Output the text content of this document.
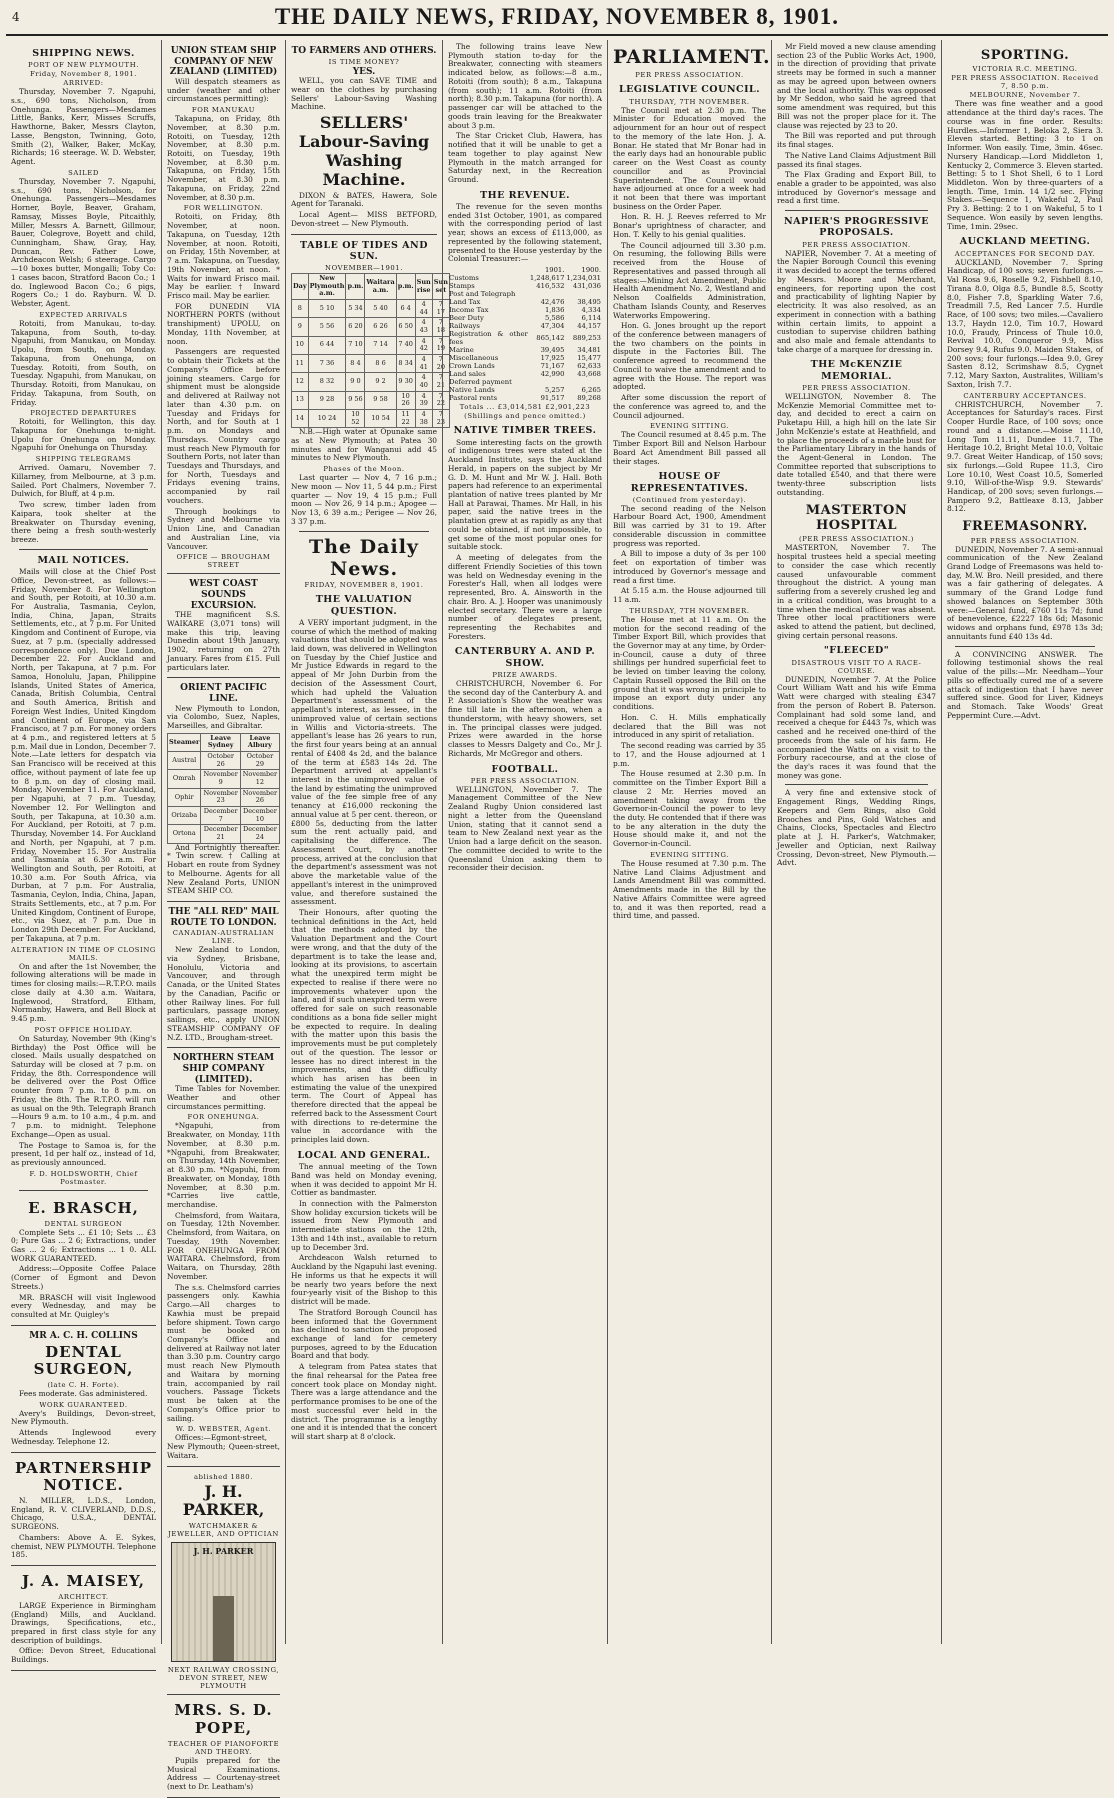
4	THE DAILY NEWS, FRIDAY, NOVEMBER 8, 1901.
SHIPPING NEWS.
PORT OF NEW PLYMOUTH.
Friday, November 8, 1901.
ARRIVED:

Thursday, November 7. Ngapuhi, s.s., 690 tons, Nicholson, from Onehunga. Passengers—Mesdames Little, Banks, Kerr, Misses Scruffs, Hawthorne, Baker, Messrs Clayton, Lasse, Bengston, Twinning, Goto, Smith (2), Walker, Baker, McKay, Richards; 16 steerage. W. D. Webster, Agent.

SAILED

Thursday, November 7. Ngapuhi, s.s., 690 tons, Nicholson, for Onehunga. Passengers—Mesdames Horner, Boyle, Beaver, Graham, Ramsay, Misses Boyle, Pitcaithly, Miller, Messrs A. Barnett, Gillmour, Bauer, Colegrove, Boyett and child, Cunningham, Shaw, Gray, Hay, Duncan, Rev. Father Lowe, Archdeacon Welsh; 6 steerage. Cargo—10 boxes butter, Mongalli; Toby Co: 1 cases bacon, Stratford Bacon Co.; 1 do. Inglewood Bacon Co.; 6 pigs, Rogers Co.; 1 do. Rayburn. W. D. Webster, Agent.

EXPECTED ARRIVALS

Rotoiti, from Manukau, to-day. Takapuna, from South, to-day. Ngapuhi, from Manukau, on Monday. Upolu, from South, on Monday. Takapuna, from Onehunga, on Tuesday. Rotoiti, from South, on Tuesday. Ngapuhi, from Manukau, on Thursday. Rotoiti, from Manukau, on Friday. Takapuna, from South, on Friday.

PROJECTED DEPARTURES

Rotoiti, for Wellington, this day. Takapuna for Onehunga to-night. Upolu for Onehunga on Monday. Ngapuhi for Onehunga on Thursday.

SHIPPING TELEGRAMS

Arrived. Oamaru, November 7. Killarney, from Melbourne, at 3 p.m. Sailed. Port Chalmers, November 7. Dulwich, for Bluff, at 4 p.m.

Two screw, timber laden from Kaipara, took shelter at the Breakwater on Thursday evening, there being a fresh south-westerly breeze.

MAIL NOTICES.

Mails will close at the Chief Post Office, Devon-street, as follows:— Friday, November 8. For Wellington and South, per Rotoiti, at 10.30 a.m. For Australia, Tasmania, Ceylon, India, China, Japan, Straits Settlements, etc., at 7 p.m. For United Kingdom and Continent of Europe, via Suez, at 7 p.m. (specially addressed correspondence only). Due London, December 22. For Auckland and North, per Takapuna, at 7 p.m. For Samoa, Honolulu, Japan, Philippine Islands, United States of America, Canada, British Columbia, Central and South America, British and Foreign West Indies, United Kingdom and Continent of Europe, via San Francisco, at 7 p.m. For money orders at 4 p.m., and registered letters at 5 p.m. Mail due in London, December 7. Note.—Late letters for despatch via San Francisco will be received at this office, without payment of late fee up to 8 p.m. on day of closing mail. Monday, November 11. For Auckland, per Ngapuhi, at 7 p.m. Tuesday, November 12. For Wellington and South, per Takapuna, at 10.30 a.m. For Auckland, per Rotoiti, at 7 p.m. Thursday, November 14. For Auckland and North, per Ngapuhi, at 7 p.m. Friday, November 15. For Australia and Tasmania at 6.30 a.m. For Wellington and South, per Rotoiti, at 10.30 a.m. For South Africa, via Durban, at 7 p.m. For Australia, Tasmania, Ceylon, India, China, Japan, Straits Settlements, etc., at 7 p.m. For United Kingdom, Continent of Europe, etc., via Suez, at 7 p.m. Due in London 29th December. For Auckland, per Takapuna, at 7 p.m.

ALTERATION IN TIME OF CLOSING MAILS.

On and after the 1st November, the following alterations will be made in times for closing mails:—R.T.P.O. mails close daily at 4.30 a.m. Waitara, Inglewood, Stratford, Eltham, Normanby, Hawera, and Bell Block at 9.45 p.m.

POST OFFICE HOLIDAY.

On Saturday, November 9th (King's Birthday) the Post Office will be closed. Mails usually despatched on Saturday will be closed at 7 p.m. on Friday, the 8th. Correspondence will be delivered over the Post Office counter from 7 p.m. to 8 p.m. on Friday, the 8th. The R.T.P.O. will run as usual on the 9th. Telegraph Branch—Hours 9 a.m. to 10 a.m., 4 p.m. and 7 p.m. to midnight. Telephone Exchange—Open as usual.

The Postage to Samoa is, for the present, 1d per half oz., instead of 1d, as previously announced.

F. D. HOLDSWORTH, Chief Postmaster.
E. BRASCH,
DENTAL SURGEON

Complete Sets ... £1 10; Sets ... £3 0; Pure Gas ... 2 6; Extractions, under Gas ... 2 6; Extractions ... 1 0. ALL WORK GUARANTEED.

Address:—Opposite Coffee Palace (Corner of Egmont and Devon Streets.)

MR. BRASCH will visit Inglewood every Wednesday, and may be consulted at Mr. Quigley's

MR A. C. H. COLLINS
DENTAL SURGEON,
(late C. H. Forte).

Fees moderate. Gas administered.

WORK GUARANTEED.

Avery's Buildings, Devon-street, New Plymouth.

Attends Inglewood every Wednesday. Telephone 12.

PARTNERSHIP NOTICE.

N. MILLER, L.D.S., London, England, R. V. CLIVERLAND, D.D.S., Chicago, U.S.A., DENTAL SURGEONS.

Chambers: Above A. E. Sykes, chemist, NEW PLYMOUTH. Telephone 185.

J. A. MAISEY,
ARCHITECT.

LARGE Experience in Birmingham (England) Mills, and Auckland. Drawings, Specifications, etc., prepared in first class style for any description of buildings.

Office: Devon Street, Educational Buildings.

UNION STEAM SHIP COMPANY OF NEW ZEALAND (LIMITED)

Will despatch steamers as under (weather and other circumstances permitting):

FOR MANUKAU

Takapuna, on Friday, 8th November, at 8.30 p.m. Rotoiti, on Tuesday, 12th November, at 8.30 p.m. Rotoiti, on Tuesday, 19th November, at 8.30 p.m. Takapuna, on Friday, 15th November, at 8.30 p.m. Takapuna, on Friday, 22nd November, at 8.30 p.m.

FOR WELLINGTON.

Rotoiti, on Friday, 8th November, at noon. Takapuna, on Tuesday, 12th November, at noon. Rotoiti, on Friday, 15th November, at 7 a.m. Takapuna, on Tuesday, 19th November, at noon. * Waits for inward Frisco mail. May be earlier. † Inward Frisco mail. May be earlier.

FOR DUNEDIN VIA NORTHERN PORTS (without transhipment) UPOLU, on Monday, 11th November, at noon.

Passengers are requested to obtain their Tickets at the Company's Office before joining steamers. Cargo for shipment must be alongside and delivered at Railway not later than 4.30 p.m. on Tuesday and Fridays for North, and for South at 1 p.m. on Mondays and Thursdays. Country cargo must reach New Plymouth for Southern Ports, not later than Tuesdays and Thursdays, and for North, Tuesdays and Fridays evening trains, accompanied by rail vouchers.

Through bookings to Sydney and Melbourne via Union Line, and Canadian and Australian Line, via Vancouver.

OFFICE — BROUGHAM STREET
WEST COAST SOUNDS EXCURSION.

THE magnificent S.S. WAIKARE (3,071 tons) will make this trip, leaving Dunedin about 19th January, 1902, returning on 27th January. Fares from £15. Full particulars later.

ORIENT PACIFIC LINE.

New Plymouth to London, via Colombo, Suez, Naples, Marseilles, and Gibraltar.

Steamer	Leave Sydney	Leave Albury
Austral	October 26	October 29
Omrah	November 9	November 12
Ophir	November 23	November 26
Orizaba	December 7	December 10
Ortona	December 21	December 24

And Fortnightly thereafter. * Twin screw. † Calling at Hobart en route from Sydney to Melbourne. Agents for all New Zealand Ports, UNION STEAM SHIP CO.

THE "ALL RED" MAIL ROUTE TO LONDON.
CANADIAN-AUSTRALIAN LINE.

New Zealand to London, via Sydney, Brisbane, Honolulu, Victoria and Vancouver, and through Canada, or the United States by the Canadian, Pacific or other Railway lines. For full particulars, passage money, sailings, etc., apply UNION STEAMSHIP COMPANY OF N.Z. LTD., Brougham-street.

NORTHERN STEAM SHIP COMPANY (LIMITED).

Time Tables for November. Weather and other circumstances permitting.

FOR ONEHUNGA.

*Ngapuhi, from Breakwater, on Monday, 11th November, at 8.30 p.m. *Ngapuhi, from Breakwater, on Thursday, 14th November, at 8.30 p.m. *Ngapuhi, from Breakwater, on Monday, 18th November, at 8.30 p.m. *Carries live cattle, merchandise.

Chelmsford, from Waitara, on Tuesday, 12th November. Chelmsford, from Waitara, on Tuesday, 19th November. FOR ONEHUNGA FROM WAITARA. Chelmsford, from Waitara, on Thursday, 28th November.

The s.s. Chelmsford carries passengers only. Kawhia Cargo.—All charges to Kawhia must be prepaid before shipment. Town cargo must be booked on Company's Office and delivered at Railway not later than 3.30 p.m. Country cargo must reach New Plymouth and Waitara by morning train, accompanied by rail vouchers. Passage Tickets must be taken at the Company's Office prior to sailing.

W. D. WEBSTER, Agent.

Offices:—Egmont-street, New Plymouth; Queen-street, Waitara.

ablished 1880.
J. H. PARKER,
WATCHMAKER & JEWELLER, AND OPTICIAN
J. H. PARKER
NEXT RAILWAY CROSSING, DEVON STREET, NEW PLYMOUTH
MRS. S. D. POPE,
TEACHER OF PIANOFORTE AND THEORY.

Pupils prepared for the Musical Examinations. Address — Courtenay-street (next to Dr. Leatham's)

TO FARMERS AND OTHERS.
IS TIME MONEY?
YES.

WELL, you can SAVE TIME and wear on the clothes by purchasing Sellers' Labour-Saving Washing Machine.

SELLERS' Labour-Saving Washing Machine.

DIXON & BATES, Hawera, Sole Agent for Taranaki.

Local Agent— MISS BETFORD, Devon-street — New Plymouth.

TABLE OF TIDES AND SUN.
NOVEMBER—1901.
Day	New Plymouth a.m.	p.m.	Waitara a.m.	p.m.	Sun rise	Sun set
8	5 10	5 34	5 40	6 4	4 44	7 17
9	5 56	6 20	6 26	6 50	4 43	7 18
10	6 44	7 10	7 14	7 40	4 42	7 19
11	7 36	8 4	8 6	8 34	4 41	7 20
12	8 32	9 0	9 2	9 30	4 40	7 21
13	9 28	9 56	9 58	10 26	4 39	7 22
14	10 24	10 52	10 54	11 22	4 38	7 23

N.B.—High water at Opunake same as at New Plymouth; at Patea 30 minutes and for Wanganui add 45 minutes to New Plymouth.

Phases of the Moon.

Last quarter — Nov 4, 7 16 p.m.; New moon — Nov 11, 5 44 p.m.; First quarter — Nov 19, 4 15 p.m.; Full moon — Nov 26, 9 14 p.m.; Apogee — Nov 13, 6 39 a.m.; Perigee — Nov 26, 3 37 p.m.

The Daily News.
FRIDAY, NOVEMBER 8, 1901.
THE VALUATION QUESTION.

A VERY important judgment, in the course of which the method of making valuations that should be adopted was laid down, was delivered in Wellington on Tuesday by the Chief Justice and Mr Justice Edwards in regard to the appeal of Mr John Durbin from the decision of the Assessment Court, which had upheld the Valuation Department's assessment of the appellant's interest, as lessee, in the unimproved value of certain sections in Willis and Victoria-streets. The appellant's lease has 26 years to run, the first four years being at an annual rental of £408 4s 2d, and the balance of the term at £583 14s 2d. The Department arrived at appellant's interest in the unimproved value of the land by estimating the unimproved value of the fee simple free of any tenancy at £16,000 reckoning the annual value at 5 per cent. thereon, or £800 5s, deducting from the latter sum the rent actually paid, and capitalising the difference. The Assessment Court, by another process, arrived at the conclusion that the department's assessment was not above the marketable value of the appellant's interest in the unimproved value, and therefore sustained the assessment.

Their Honours, after quoting the technical definitions in the Act, held that the methods adopted by the Valuation Department and the Court were wrong, and that the duty of the department is to take the lease and, looking at its provisions, to ascertain what the unexpired term might be expected to realise if there were no improvements whatever upon the land, and if such unexpired term were offered for sale on such reasonable conditions as a bona fide seller might be expected to require. In dealing with the matter upon this basis the improvements must be put completely out of the question. The lessor or lessee has no direct interest in the improvements, and the difficulty which has arisen has been in estimating the value of the unexpired term. The Court of Appeal has therefore directed that the appeal be referred back to the Assessment Court with directions to re-determine the value in accordance with the principles laid down.

LOCAL AND GENERAL.

The annual meeting of the Town Band was held on Monday evening, when it was decided to appoint Mr H. Cottier as bandmaster.

In connection with the Palmerston Show holiday excursion tickets will be issued from New Plymouth and intermediate stations on the 12th, 13th and 14th inst., available to return up to December 3rd.

Archdeacon Walsh returned to Auckland by the Ngapuhi last evening. He informs us that he expects it will be nearly two years before the next four-yearly visit of the Bishop to this district will be made.

The Stratford Borough Council has been informed that the Government has declined to sanction the proposed exchange of land for cemetery purposes, agreed to by the Education Board and that body.

A telegram from Patea states that the final rehearsal for the Patea free concert took place on Monday night. There was a large attendance and the performance promises to be one of the most successful ever held in the district. The programme is a lengthy one and it is intended that the concert will start sharp at 8 o'clock.

The following trains leave New Plymouth station to-day for the Breakwater, connecting with steamers indicated below, as follows:—8 a.m., Rotoiti (from south); 8 a.m., Takapuna (from south); 11 a.m. Rotoiti (from north); 8.30 p.m. Takapuna (for north). A passenger car will be attached to the goods train leaving for the Breakwater about 3 p.m.

The Star Cricket Club, Hawera, has notified that it will be unable to get a team together to play against New Plymouth in the match arranged for Saturday next, in the Recreation Ground.

THE REVENUE.

The revenue for the seven months ended 31st October, 1901, as compared with the corresponding period of last year, shows an excess of £113,000, as represented by the following statement, presented to the House yesterday by the Colonial Treasurer:—

	1901.	1900.
Customs	1,248,617	1,234,031
Stamps	416,532	431,036
Post and Telegraph		
Land Tax	42,476	38,495
Income Tax	1,836	4,334
Beer Duty	5,586	6,114
Railways	47,304	44,157
Registration & other fees	865,142	889,253
Marine	39,495	34,481
Miscellaneous	17,925	15,477
Crown Lands	71,167	62,633
Land sales	42,990	43,668
Deferred payment		
Native Lands	5,257	6,265
Pastoral rents	91,517	89,268
Totals ... £3,014,581 £2,901,223
(Shillings and pence omitted.)
NATIVE TIMBER TREES.

Some interesting facts on the growth of indigenous trees were stated at the Auckland Institute, says the Auckland Herald, in papers on the subject by Mr G. D. M. Hunt and Mr W. J. Hall. Both papers had reference to an experimental plantation of native trees planted by Mr Hall at Parawai, Thames. Mr Hall, in his paper, said the native trees in the plantation grew at as rapidly as any that could be obtained, if not impossible, to get some of the most popular ones for suitable stock.

A meeting of delegates from the different Friendly Societies of this town was held on Wednesday evening in the Forester's Hall, when all lodges were represented, Bro. A. Ainsworth in the chair. Bro. A. J. Hooper was unanimously elected secretary. There were a large number of delegates present, representing the Rechabites and Foresters.

CANTERBURY A. AND P. SHOW.
PRIZE AWARDS.

CHRISTCHURCH, November 6. For the second day of the Canterbury A. and P. Association's Show the weather was fine till late in the afternoon, when a thunderstorm, with heavy showers, set in. The principal classes were judged. Prizes were awarded in the horse classes to Messrs Dalgety and Co., Mr J. Richards, Mr McGregor and others.

FOOTBALL.
PER PRESS ASSOCIATION.

WELLINGTON, November 7. The Management Committee of the New Zealand Rugby Union considered last night a letter from the Queensland Union, stating that it cannot send a team to New Zealand next year as the Union had a large deficit on the season. The committee decided to write to the Queensland Union asking them to reconsider their decision.

PARLIAMENT.
PER PRESS ASSOCIATION.
LEGISLATIVE COUNCIL.
THURSDAY, 7TH NOVEMBER.

The Council met at 2.30 p.m. The Minister for Education moved the adjournment for an hour out of respect to the memory of the late Hon. J. A. Bonar. He stated that Mr Bonar had in the early days had an honourable public career on the West Coast as county councillor and as Provincial Superintendent. The Council would have adjourned at once for a week had it not been that there was important business on the Order Paper.

Hon. R. H. J. Reeves referred to Mr Bonar's uprightness of character, and Hon. T. Kelly to his genial qualities.

The Council adjourned till 3.30 p.m. On resuming, the following Bills were received from the House of Representatives and passed through all stages:—Mining Act Amendment, Public Health Amendment No. 2, Westland and Nelson Coalfields Administration, Chatham Islands County, and Reserves Waterworks Empowering.

Hon. G. Jones brought up the report of the conference between managers of the two chambers on the points in dispute in the Factories Bill. The conference agreed to recommend the Council to waive the amendment and to agree with the House. The report was adopted.

After some discussion the report of the conference was agreed to, and the Council adjourned.

EVENING SITTING.

The Council resumed at 8.45 p.m. The Timber Export Bill and Nelson Harbour Board Act Amendment Bill passed all their stages.

HOUSE OF REPRESENTATIVES.
(Continued from yesterday).

The second reading of the Nelson Harbour Board Act, 1900, Amendment Bill was carried by 31 to 19. After considerable discussion in committee progress was reported.

A Bill to impose a duty of 3s per 100 feet on exportation of timber was introduced by Governor's message and read a first time.

At 5.15 a.m. the House adjourned till 11 a.m.

THURSDAY, 7TH NOVEMBER.

The House met at 11 a.m. On the motion for the second reading of the Timber Export Bill, which provides that the Governor may at any time, by Order-in-Council, cause a duty of three shillings per hundred superficial feet to be levied on timber leaving the colony, Captain Russell opposed the Bill on the ground that it was wrong in principle to impose an export duty under any conditions.

Hon. C. H. Mills emphatically declared that the Bill was not introduced in any spirit of retaliation.

The second reading was carried by 35 to 17, and the House adjourned at 1 p.m.

The House resumed at 2.30 p.m. In committee on the Timber Export Bill a clause 2 Mr. Herries moved an amendment taking away from the Governor-in-Council the power to levy the duty. He contended that if there was to be any alteration in the duty the House should make it, and not the Governor-in-Council.

EVENING SITTING.

The House resumed at 7.30 p.m. The Native Land Claims Adjustment and Lands Amendment Bill was committed. Amendments made in the Bill by the Native Affairs Committee were agreed to, and it was then reported, read a third time, and passed.

Mr Field moved a new clause amending section 23 of the Public Works Act, 1900, in the direction of providing that private streets may be formed in such a manner as may be agreed upon between owners and the local authority. This was opposed by Mr Seddon, who said he agreed that some amendment was required, but this Bill was not the proper place for it. The clause was rejected by 23 to 20.

The Bill was reported and put through its final stages.

The Native Land Claims Adjustment Bill passed its final stages.

The Flax Grading and Export Bill, to enable a grader to be appointed, was also introduced by Governor's message and read a first time.

NAPIER'S PROGRESSIVE PROPOSALS.
PER PRESS ASSOCIATION.

NAPIER, November 7. At a meeting of the Napier Borough Council this evening it was decided to accept the terms offered by Messrs. Moore and Merchant, engineers, for reporting upon the cost and practicability of lighting Napier by electricity. It was also resolved, as an experiment in connection with a bathing within certain limits, to appoint a custodian to supervise children bathing and also male and female attendants to take charge of a marquee for dressing in.

THE McKENZIE MEMORIAL.
PER PRESS ASSOCIATION.

WELLINGTON, November 8. The McKenzie Memorial Committee met to-day, and decided to erect a cairn on Puketapu Hill, a high hill on the late Sir John McKenzie's estate at Heathfield, and to place the proceeds of a marble bust for the Parliamentary Library in the hands of the Agent-General in London. The Committee reported that subscriptions to date totalled £540, and that there were twenty-three subscription lists outstanding.

MASTERTON HOSPITAL
(PER PRESS ASSOCIATION.)

MASTERTON, November 7. The hospital trustees held a special meeting to consider the case which recently caused unfavourable comment throughout the district. A young man suffering from a severely crushed leg and in a critical condition, was brought to a time when the medical officer was absent. Three other local practitioners were asked to attend the patient, but declined, giving certain personal reasons.

"FLEECED"
DISASTROUS VISIT TO A RACE-COURSE.

DUNEDIN, November 7. At the Police Court William Watt and his wife Emma Watt were charged with stealing £347 from the person of Robert B. Paterson. Complainant had sold some land, and received a cheque for £443 7s, which was cashed and he received one-third of the proceeds from the sale of his farm. He accompanied the Watts on a visit to the Forbury racecourse, and at the close of the day's races it was found that the money was gone.

A very fine and extensive stock of Engagement Rings, Wedding Rings, Keepers and Gem Rings, also Gold Brooches and Pins, Gold Watches and Chains, Clocks, Spectacles and Electro plate at J. H. Parker's, Watchmaker, Jeweller and Optician, next Railway Crossing, Devon-street, New Plymouth.—Advt.

SPORTING.
VICTORIA R.C. MEETING.
PER PRESS ASSOCIATION. Received 7, 8.50 p.m.
MELBOURNE, November 7.

There was fine weather and a good attendance at the third day's races. The course was in fine order. Results: Hurdles.—Informer 1, Beloka 2, Siera 3. Eleven started. Betting: 3 to 1 on Informer. Won easily. Time, 3min. 46sec. Nursery Handicap.—Lord Middleton 1, Kentucky 2, Commerce 3. Eleven started. Betting: 5 to 1 Shot Shell, 6 to 1 Lord Middleton. Won by three-quarters of a length. Time, 1min. 14 1/2 sec. Flying Stakes.—Sequence 1, Wakeful 2, Paul Pry 3. Betting: 2 to 1 on Wakeful, 5 to 1 Sequence. Won easily by seven lengths. Time, 1min. 29sec.

AUCKLAND MEETING.
ACCEPTANCES FOR SECOND DAY.

AUCKLAND, November 7. Spring Handicap, of 100 sovs; seven furlongs.—Val Rosa 9.6, Roselle 9.2, Fishbell 8.10, Tirana 8.0, Olga 8.5, Bundle 8.5, Scotty 8.0, Fisher 7.8, Sparkling Water 7.6, Treadmill 7.5, Red Lancer 7.5. Hurdle Race, of 100 sovs; two miles.—Cavaliero 13.7, Haydn 12.0, Tim 10.7, Howard 10.0, Fraudy, Princess of Thule 10.0, Revival 10.0, Conqueror 9.9, Miss Dorsey 9.4, Rufus 9.0. Maiden Stakes, of 200 sovs; four furlongs.—Idea 9.0, Grey Sasten 8.12, Scrimshaw 8.5, Cygnet 7.12, Mary Saxton, Australites, William's Saxton, Irish 7.7.

CANTERBURY ACCEPTANCES.

CHRISTCHURCH, November 7. Acceptances for Saturday's races. First Cooper Hurdle Race, of 100 sovs; once round and a distance.—Moise 11.10, Long Tom 11.11, Dundee 11.7, The Heritage 10.2, Bright Metal 10.0, Voltaic 9.7. Great Weiter Handicap, of 150 sovs; six furlongs.—Gold Rupee 11.3, Ciro Lore 10.10, West Coast 10.5, Somerled 9.10, Will-of-the-Wisp 9.9. Stewards' Handicap, of 200 sovs; seven furlongs.—Pampero 9.2, Battleaxe 8.13, Jabber 8.12.

FREEMASONRY.
PER PRESS ASSOCIATION.

DUNEDIN, November 7. A semi-annual communication of the New Zealand Grand Lodge of Freemasons was held to-day, M.W. Bro. Neill presided, and there was a fair gathering of delegates. A summary of the Grand Lodge fund showed balances on September 30th were:—General fund, £760 11s 7d; fund of benevolence, £2227 18s 6d; Masonic widows and orphans fund, £978 13s 3d; annuitants fund £40 13s 4d.

A CONVINCING ANSWER. The following testimonial shows the real value of the pills:—Mr. Needham—Your pills so effectually cured me of a severe attack of indigestion that I have never suffered since. Good for Liver, Kidneys and Stomach. Take Woods' Great Peppermint Cure.—Advt.
